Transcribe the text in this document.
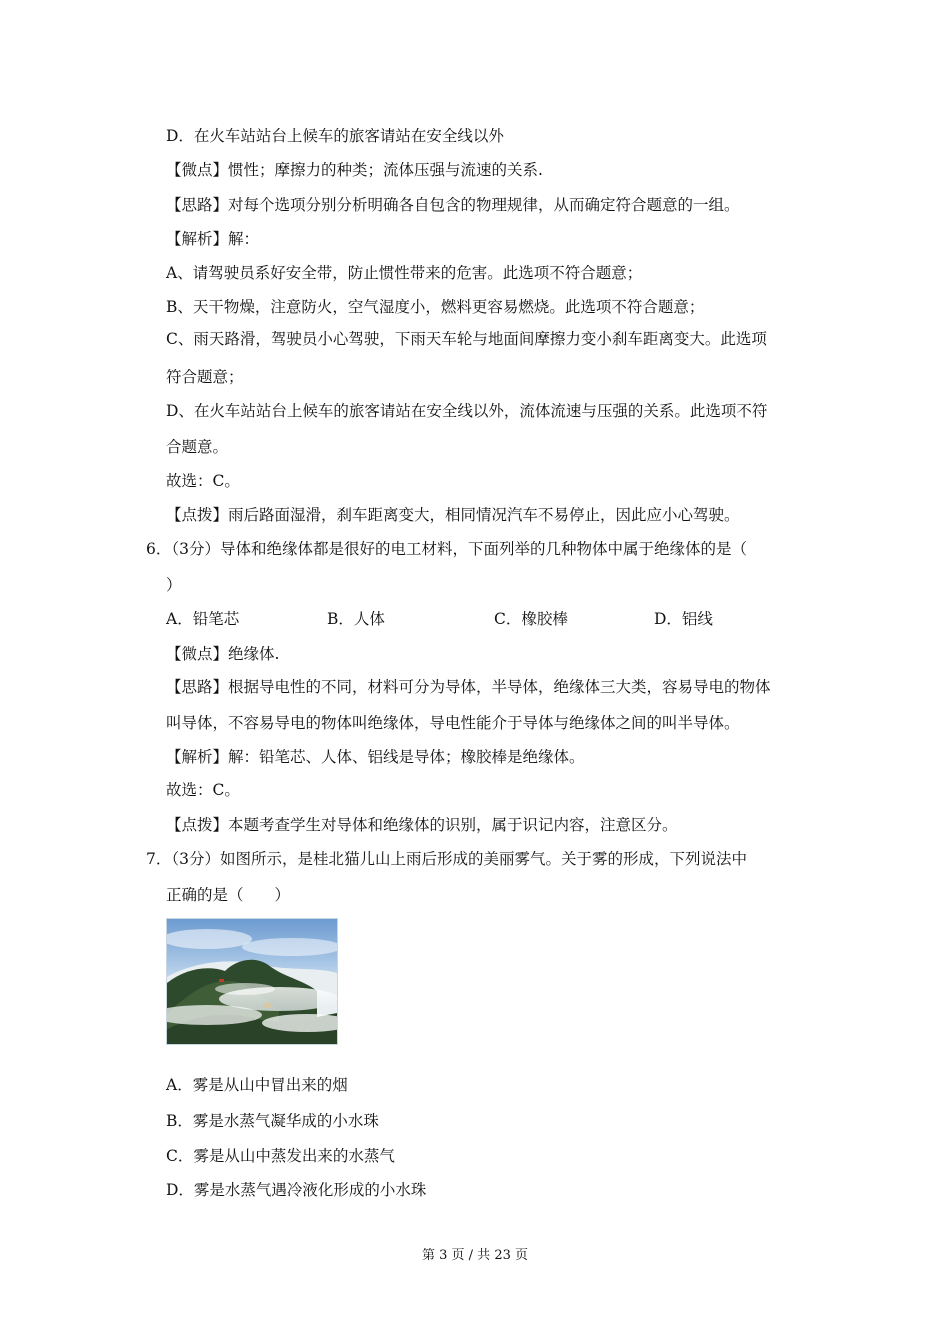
D．在火车站站台上候车的旅客请站在安全线以外
【微点】惯性；摩擦力的种类；流体压强与流速的关系.
【思路】对每个选项分别分析明确各自包含的物理规律，从而确定符合题意的一组。
【解析】解：
A、请驾驶员系好安全带，防止惯性带来的危害。此选项不符合题意；
B、天干物燥，注意防火，空气湿度小，燃料更容易燃烧。此选项不符合题意；
C、雨天路滑，驾驶员小心驾驶，下雨天车轮与地面间摩擦力变小刹车距离变大。此选项
符合题意；
D、在火车站站台上候车的旅客请站在安全线以外，流体流速与压强的关系。此选项不符
合题意。
故选：C。
【点拨】雨后路面湿滑，刹车距离变大，相同情况汽车不易停止，因此应小心驾驶。
6．（3分）导体和绝缘体都是很好的电工材料，下面列举的几种物体中属于绝缘体的是（
）
A．铅笔芯	B．人体	C．橡胶棒	D．铝线
【微点】绝缘体.
【思路】根据导电性的不同，材料可分为导体，半导体，绝缘体三大类，容易导电的物体
叫导体，不容易导电的物体叫绝缘体，导电性能介于导体与绝缘体之间的叫半导体。
【解析】解：铅笔芯、人体、铝线是导体；橡胶棒是绝缘体。
故选：C。
【点拨】本题考查学生对导体和绝缘体的识别，属于识记内容，注意区分。
7．（3分）如图所示，是桂北猫儿山上雨后形成的美丽雾气。关于雾的形成，下列说法中
正确的是（　　）
A．雾是从山中冒出来的烟
B．雾是水蒸气凝华成的小水珠
C．雾是从山中蒸发出来的水蒸气
D．雾是水蒸气遇冷液化形成的小水珠
第 3 页 / 共 23 页
